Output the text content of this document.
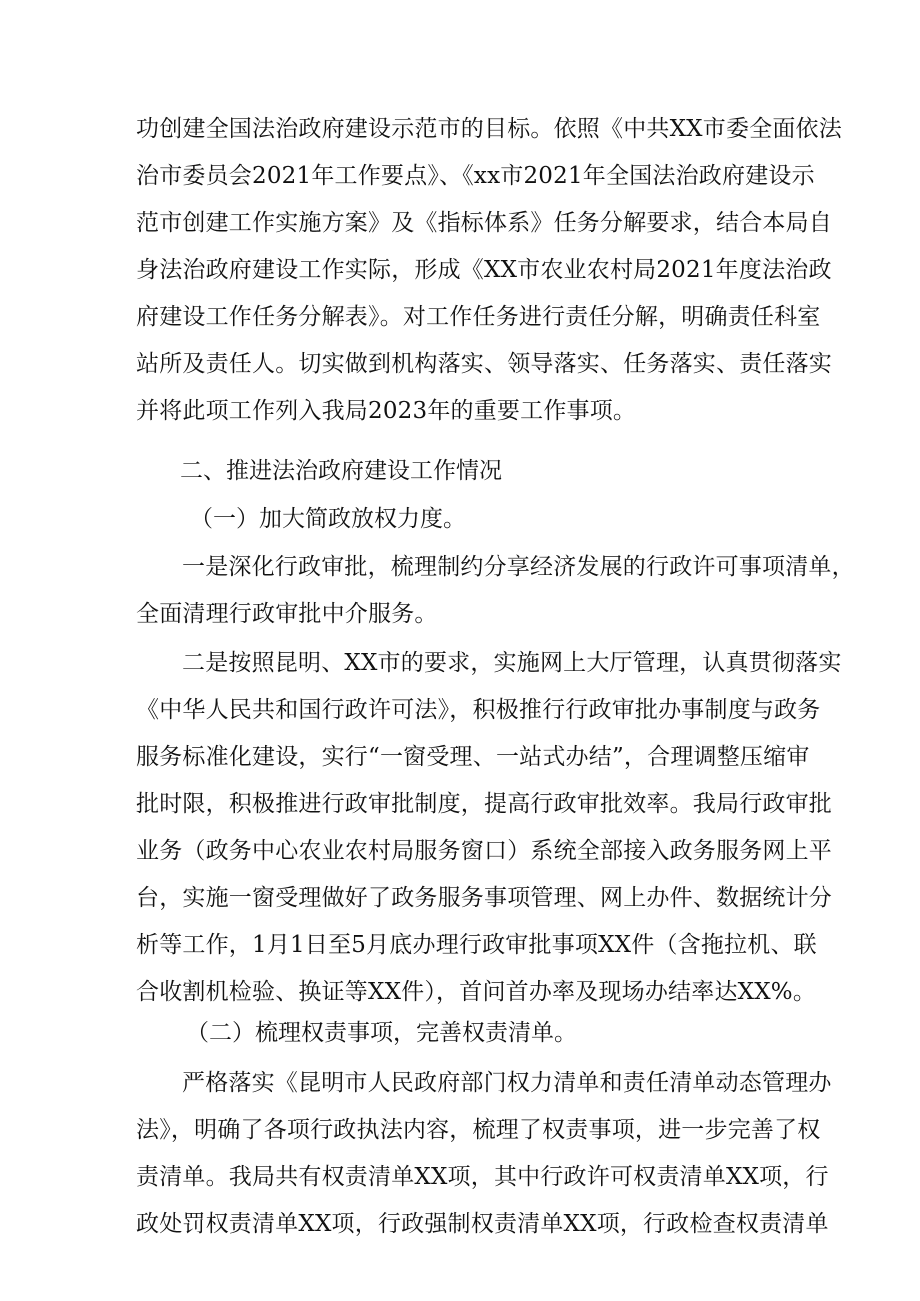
功创建全国法治政府建设示范市的目标。依照《中共XX市委全面依法
治市委员会2021年工作要点》、《xx市2021年全国法治政府建设示
范市创建工作实施方案》及《指标体系》任务分解要求，结合本局自
身法治政府建设工作实际，形成《XX市农业农村局2021年度法治政
府建设工作任务分解表》。对工作任务进行责任分解，明确责任科室
站所及责任人。切实做到机构落实、领导落实、任务落实、责任落实
并将此项工作列入我局2023年的重要工作事项。
二、推进法治政府建设工作情况
（一）加大简政放权力度。
一是深化行政审批，梳理制约分享经济发展的行政许可事项清单，
全面清理行政审批中介服务。
二是按照昆明、XX市的要求，实施网上大厅管理，认真贯彻落实
《中华人民共和国行政许可法》，积极推行行政审批办事制度与政务
服务标准化建设，实行“一窗受理、一站式办结”，合理调整压缩审
批时限，积极推进行政审批制度，提高行政审批效率。我局行政审批
业务（政务中心农业农村局服务窗口）系统全部接入政务服务网上平
台，实施一窗受理做好了政务服务事项管理、网上办件、数据统计分
析等工作，1月1日至5月底办理行政审批事项XX件（含拖拉机、联
合收割机检验、换证等XX件），首问首办率及现场办结率达XX%。
（二）梳理权责事项，完善权责清单。
严格落实《昆明市人民政府部门权力清单和责任清单动态管理办
法》，明确了各项行政执法内容，梳理了权责事项，进一步完善了权
责清单。我局共有权责清单XX项，其中行政许可权责清单XX项，行
政处罚权责清单XX项，行政强制权责清单XX项，行政检查权责清单
